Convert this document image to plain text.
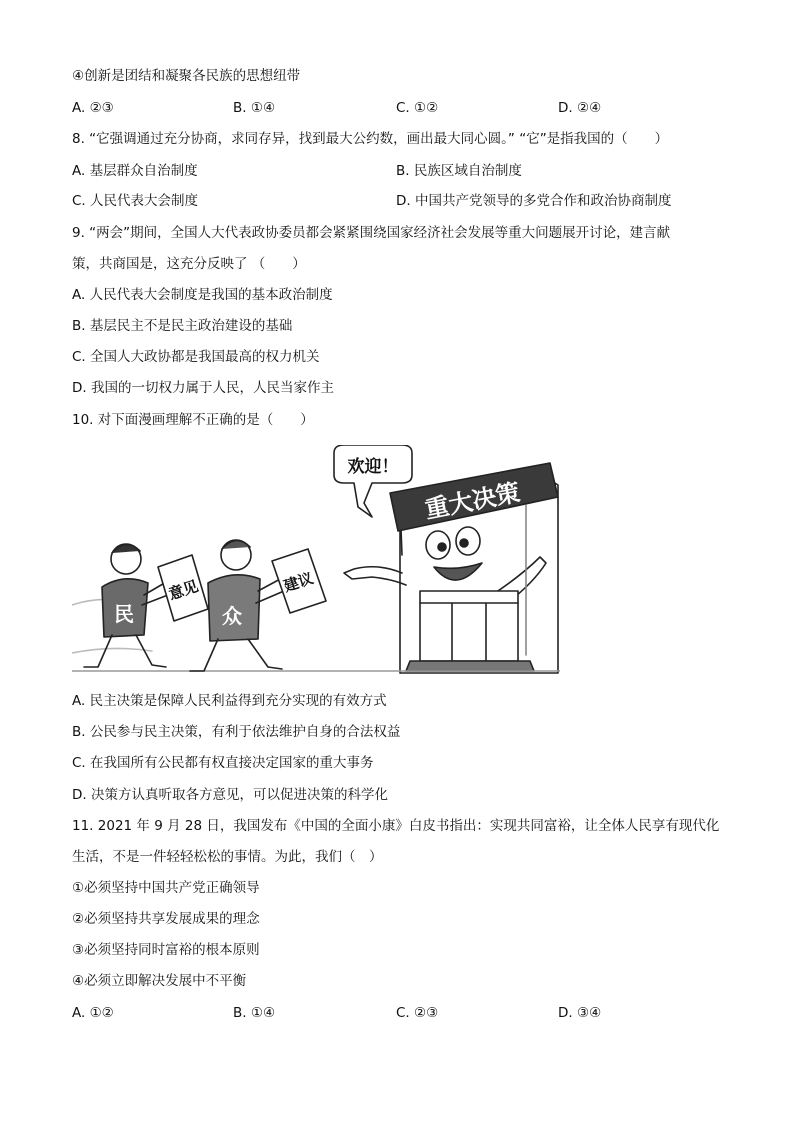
④创新是团结和凝聚各民族的思想纽带
A. ②③	B. ①④	C. ①②	D. ②④
8. “它强调通过充分协商，求同存异，找到最大公约数，画出最大同心圆。” “它”是指我国的（　　）
A. 基层群众自治制度	B. 民族区域自治制度
C. 人民代表大会制度	D. 中国共产党领导的多党合作和政治协商制度
9. “两会”期间，全国人大代表政协委员都会紧紧围绕国家经济社会发展等重大问题展开讨论，建言献
策，共商国是，这充分反映了 （　　）
A. 人民代表大会制度是我国的基本政治制度
B. 基层民主不是民主政治建设的基础
C. 全国人大政协都是我国最高的权力机关
D. 我国的一切权力属于人民，人民当家作主
10. 对下面漫画理解不正确的是（　　）
欢迎！
重大决策
民	众
意见	建议
A. 民主决策是保障人民利益得到充分实现的有效方式
B. 公民参与民主决策，有利于依法维护自身的合法权益
C. 在我国所有公民都有权直接决定国家的重大事务
D. 决策方认真听取各方意见，可以促进决策的科学化
11. 2021 年 9 月 28 日，我国发布《中国的全面小康》白皮书指出：实现共同富裕，让全体人民享有现代化
生活，不是一件轻轻松松的事情。为此，我们（　）
①必须坚持中国共产党正确领导
②必须坚持共享发展成果的理念
③必须坚持同时富裕的根本原则
④必须立即解决发展中不平衡
A. ①②	B. ①④	C. ②③	D. ③④
